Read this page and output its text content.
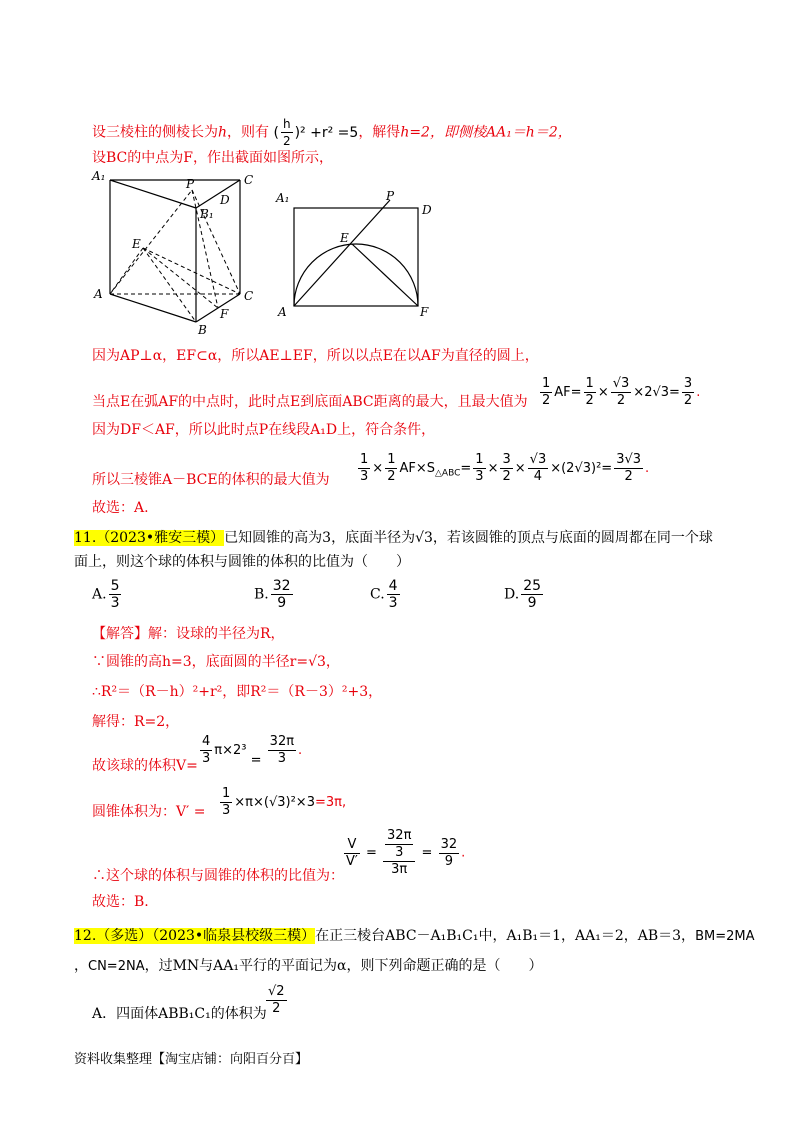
设三棱柱的侧棱长为h，则有 ( $\frac{h}{2} )^2 +r^2 =5$，解得h=2，即侧棱AA₁＝h＝2，
设BC的中点为F，作出截面如图所示，
A₁
P	C
D
B₁
E
A	C
F
B
A₁	P
D
E
A	F
因为AP⊥α，EF⊂α，所以AE⊥EF，所以以点E在以AF为直径的圆上，
当点E在弧AF的中点时，此时点E到底面ABC距离的最大，且最大值为 $\frac{1}{2} AF= \frac{1}{2} \times \frac{√3}{2} \times 2√3= \frac{3}{2}$ .
因为DF＜AF，所以此时点P在线段A₁D上，符合条件，
所以三棱锥A－BCE的体积的最大值为 $\frac{1}{3} \times \frac{1}{2} AF\times S_{\triangle ABC}= \frac{1}{3} \times \frac{3}{2} \times \frac{√3}{4} \times(2√3)^2= \frac{3√3}{2}$ .
故选：A.
11.（2023•雅安三模）已知圆锥的高为3，底面半径为√3，若该圆锥的顶点与底面的圆周都在同一个球
面上，则这个球的体积与圆锥的体积的比值为（　　）
A. $\frac{5}{3}$	B. $\frac{32}{9}$	C. $\frac{4}{3}$	D. $\frac{25}{9}$
【解答】解：设球的半径为R，
∵圆锥的高h=3，底面圆的半径r=√3，
∴R²＝（R－h）²+r²，即R²＝（R－3）²+3，
解得：R=2，
故该球的体积$V= \frac{4}{3} \pi\times 2^3 = \frac{32\pi}{3}$ .
圆锥体积为：$V' = \frac{1}{3} \times\pi\times(√3)^2\times 3=3\pi$,
∴这个球的体积与圆锥的体积的比值为：
$\frac{V}{V'} = \frac{\frac{32\pi}{3}}{3\pi} = \frac{32}{9}$ .
故选：B.
12.（多选）（2023•临泉县校级三模）在正三棱台ABC－A₁B₁C₁中，A₁B₁＝1，AA₁＝2，AB＝3，BM=2MA
，CN=2NA，过MN与AA₁平行的平面记为α，则下列命题正确的是（　　）
A．四面体ABB₁C₁的体积为 $\frac{√2}{2}$
资料收集整理【淘宝店铺：向阳百分百】
